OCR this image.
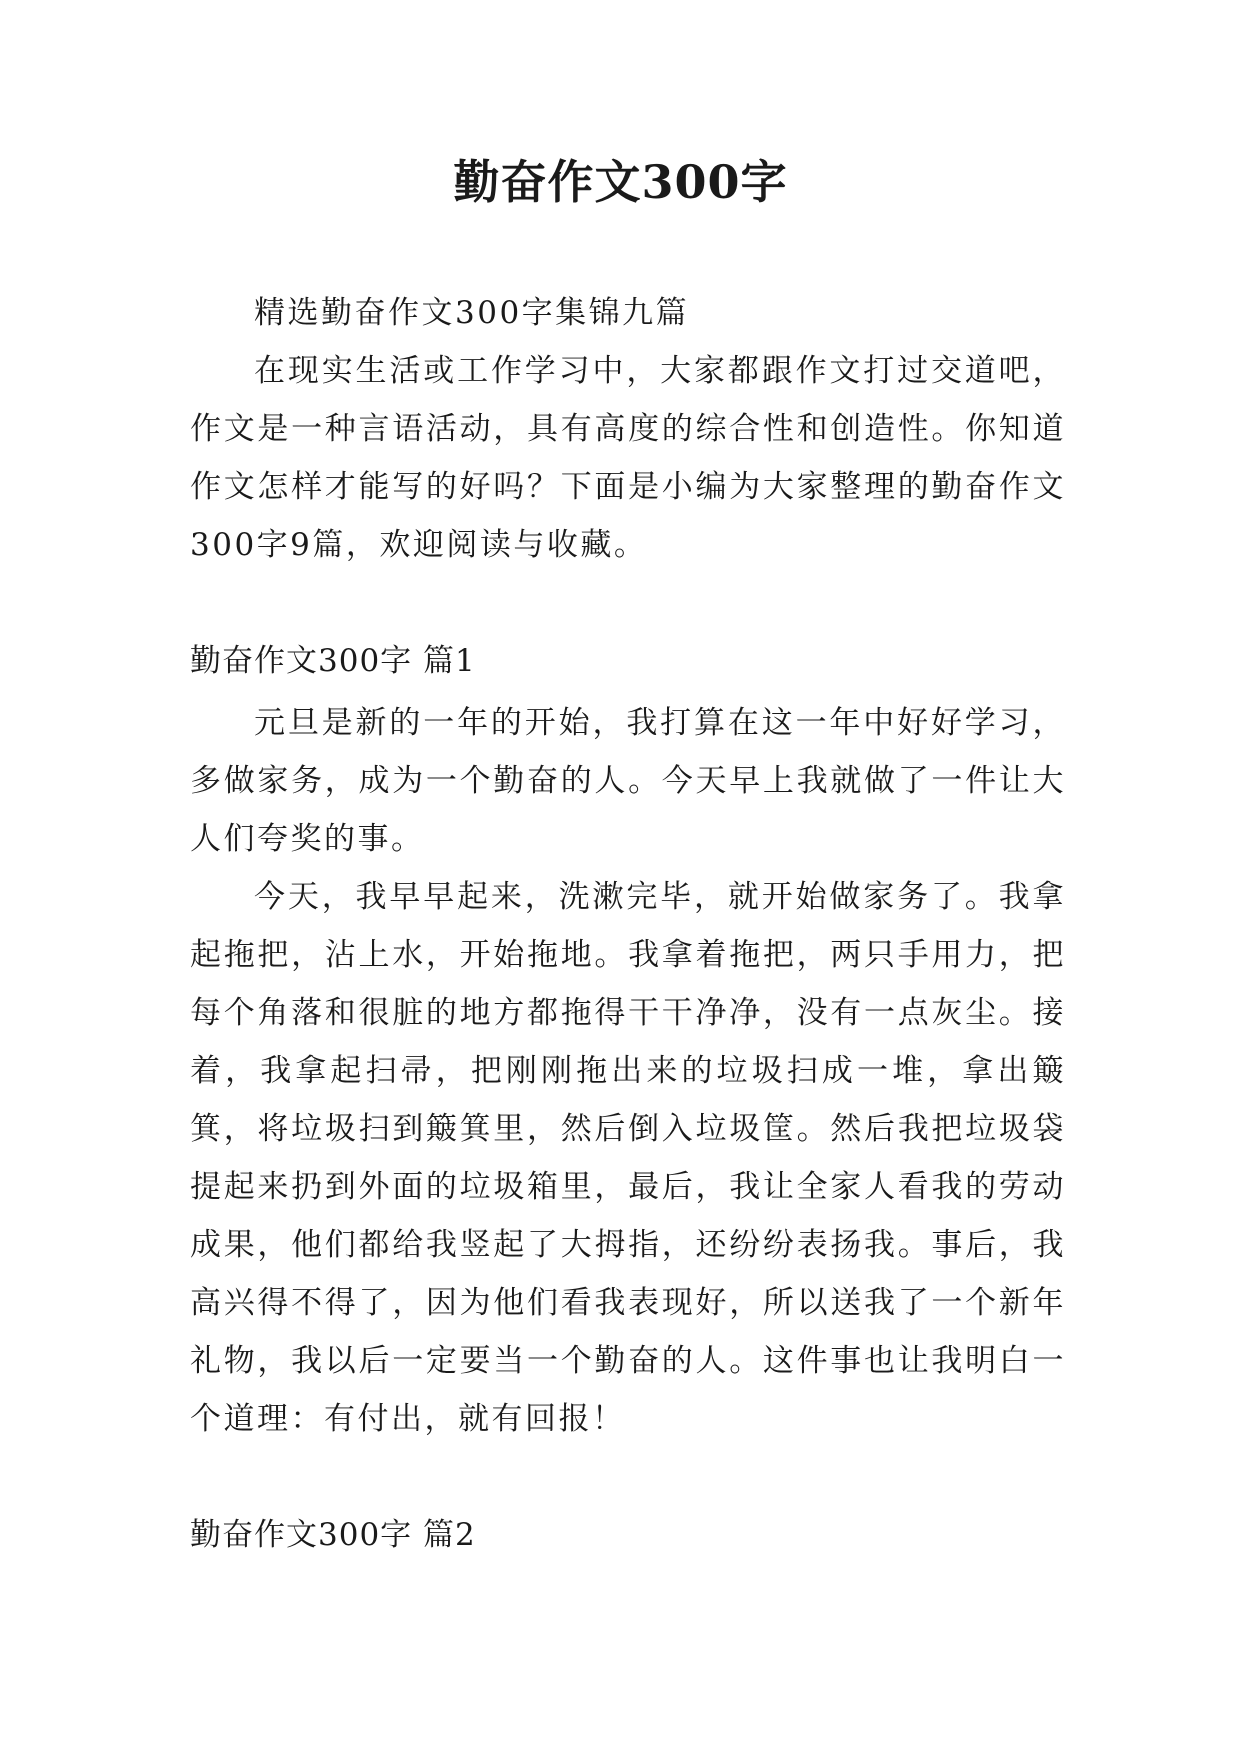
勤奋作文300字

精选勤奋作文300字集锦九篇

在现实生活或工作学习中，大家都跟作文打过交道吧，作文是一种言语活动，具有高度的综合性和创造性。你知道作文怎样才能写的好吗？下面是小编为大家整理的勤奋作文300字9篇，欢迎阅读与收藏。

勤奋作文300字 篇1

元旦是新的一年的开始，我打算在这一年中好好学习，多做家务，成为一个勤奋的人。今天早上我就做了一件让大人们夸奖的事。

今天，我早早起来，洗漱完毕，就开始做家务了。我拿起拖把，沾上水，开始拖地。我拿着拖把，两只手用力，把每个角落和很脏的地方都拖得干干净净，没有一点灰尘。接着，我拿起扫帚，把刚刚拖出来的垃圾扫成一堆，拿出簸箕，将垃圾扫到簸箕里，然后倒入垃圾筐。然后我把垃圾袋提起来扔到外面的垃圾箱里，最后，我让全家人看我的劳动成果，他们都给我竖起了大拇指，还纷纷表扬我。事后，我高兴得不得了，因为他们看我表现好，所以送我了一个新年礼物，我以后一定要当一个勤奋的人。这件事也让我明白一个道理：有付出，就有回报！

勤奋作文300字 篇2
